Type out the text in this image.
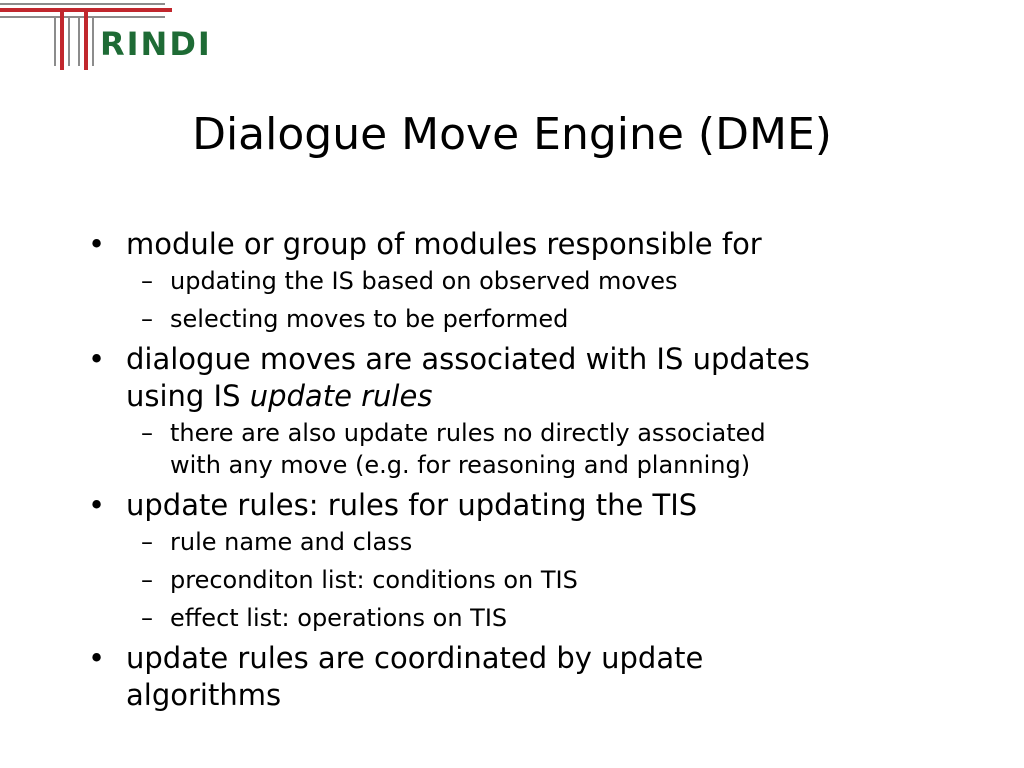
RINDI
Dialogue Move Engine (DME)

• module or group of modules responsible for

– updating the IS based on observed moves

– selecting moves to be performed

• dialogue moves are associated with IS updates
using IS update rules

– there are also update rules no directly associated
with any move (e.g. for reasoning and planning)

• update rules: rules for updating the TIS

– rule name and class

– preconditon list: conditions on TIS

– effect list: operations on TIS

• update rules are coordinated by update
algorithms
